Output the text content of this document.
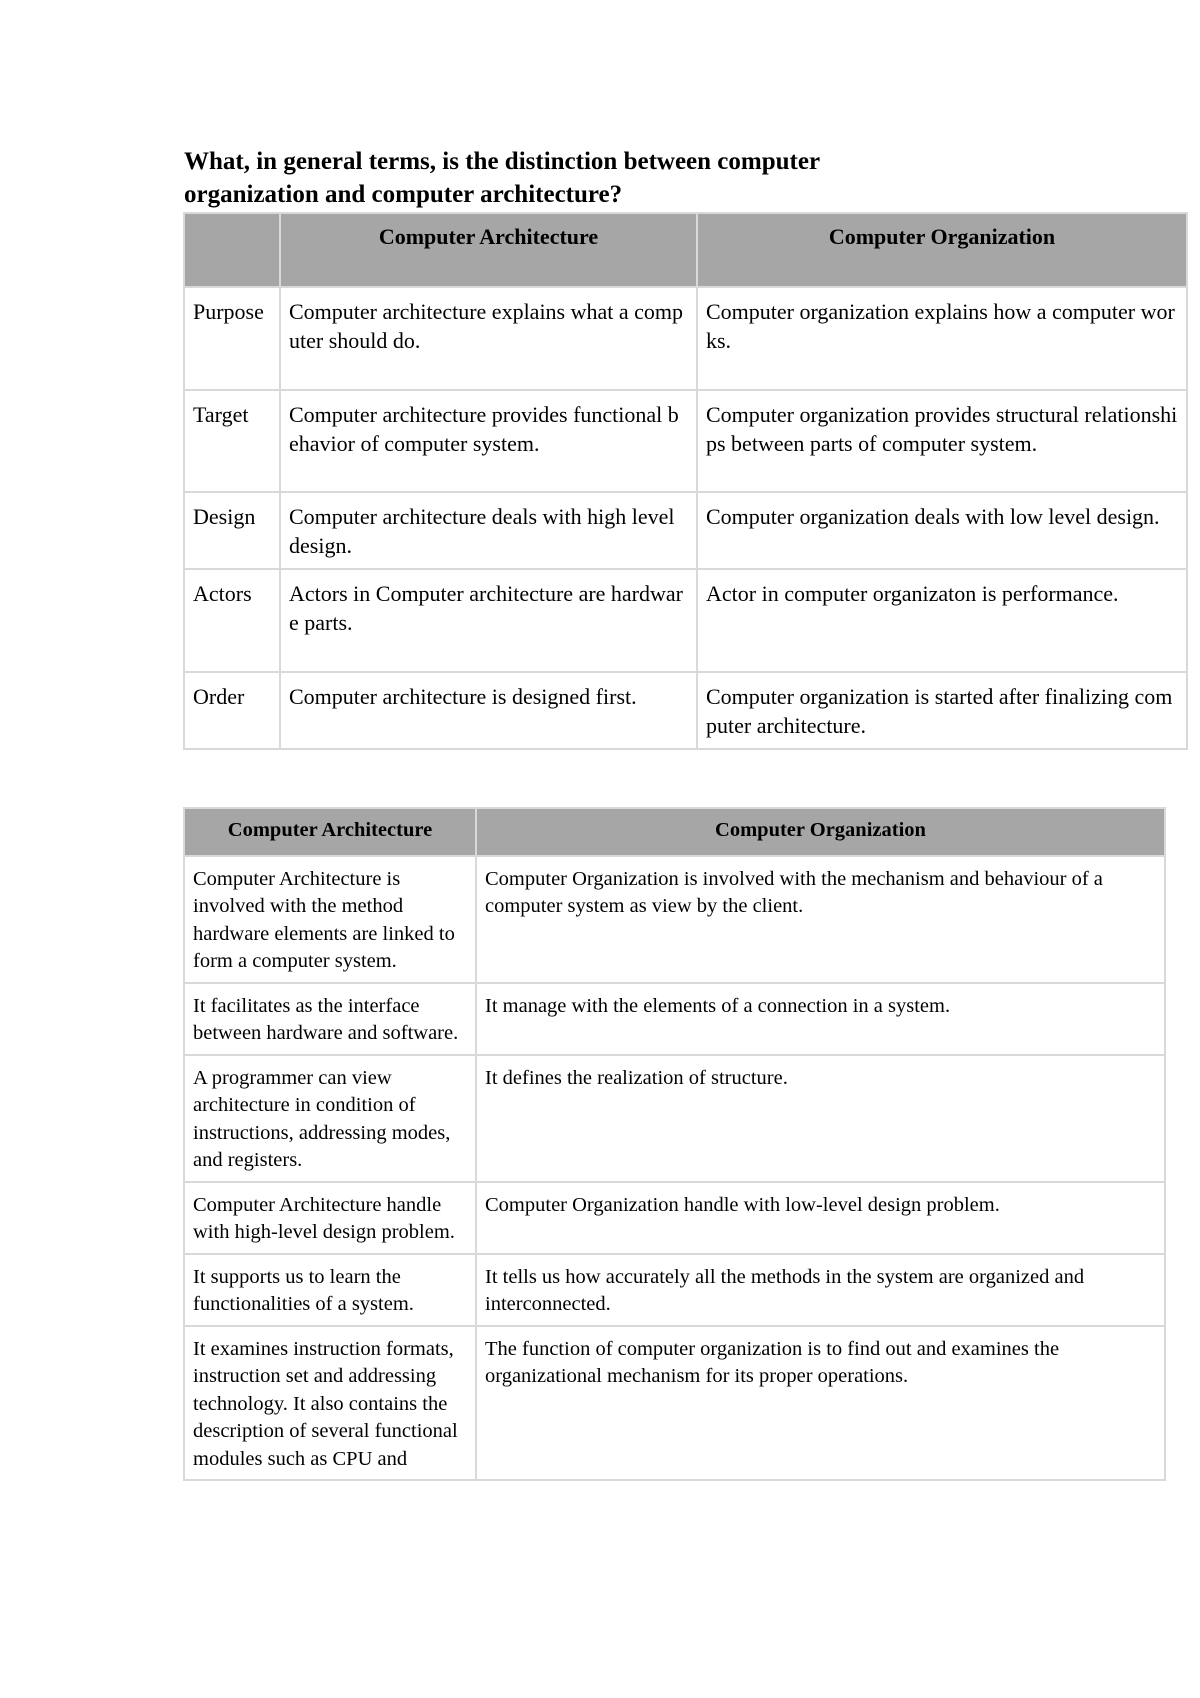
What, in general terms, is the distinction between computer
organization and computer architecture?
	Computer Architecture	Computer Organization
Purpose	Computer architecture explains what a computer should do.	Computer organization explains how a computer works.
Target	Computer architecture provides functional behavior of computer system.	Computer organization provides structural relationships between parts of computer system.
Design	Computer architecture deals with high level design.	Computer organization deals with low level design.
Actors	Actors in Computer architecture are hardware parts.	Actor in computer organizaton is performance.
Order	Computer architecture is designed first.	Computer organization is started after finalizing computer architecture.
Computer Architecture	Computer Organization
Computer Architecture is involved with the method hardware elements are linked to form a computer system.	Computer Organization is involved with the mechanism and behaviour of a computer system as view by the client.
It facilitates as the interface between hardware and software.	It manage with the elements of a connection in a system.
A programmer can view architecture in condition of instructions, addressing modes, and registers.	It defines the realization of structure.
Computer Architecture handle with high-level design problem.	Computer Organization handle with low-level design problem.
It supports us to learn the functionalities of a system.	It tells us how accurately all the methods in the system are organized and interconnected.
It examines instruction formats, instruction set and addressing technology. It also contains the description of several functional modules such as CPU and	The function of computer organization is to find out and examines the organizational mechanism for its proper operations.
